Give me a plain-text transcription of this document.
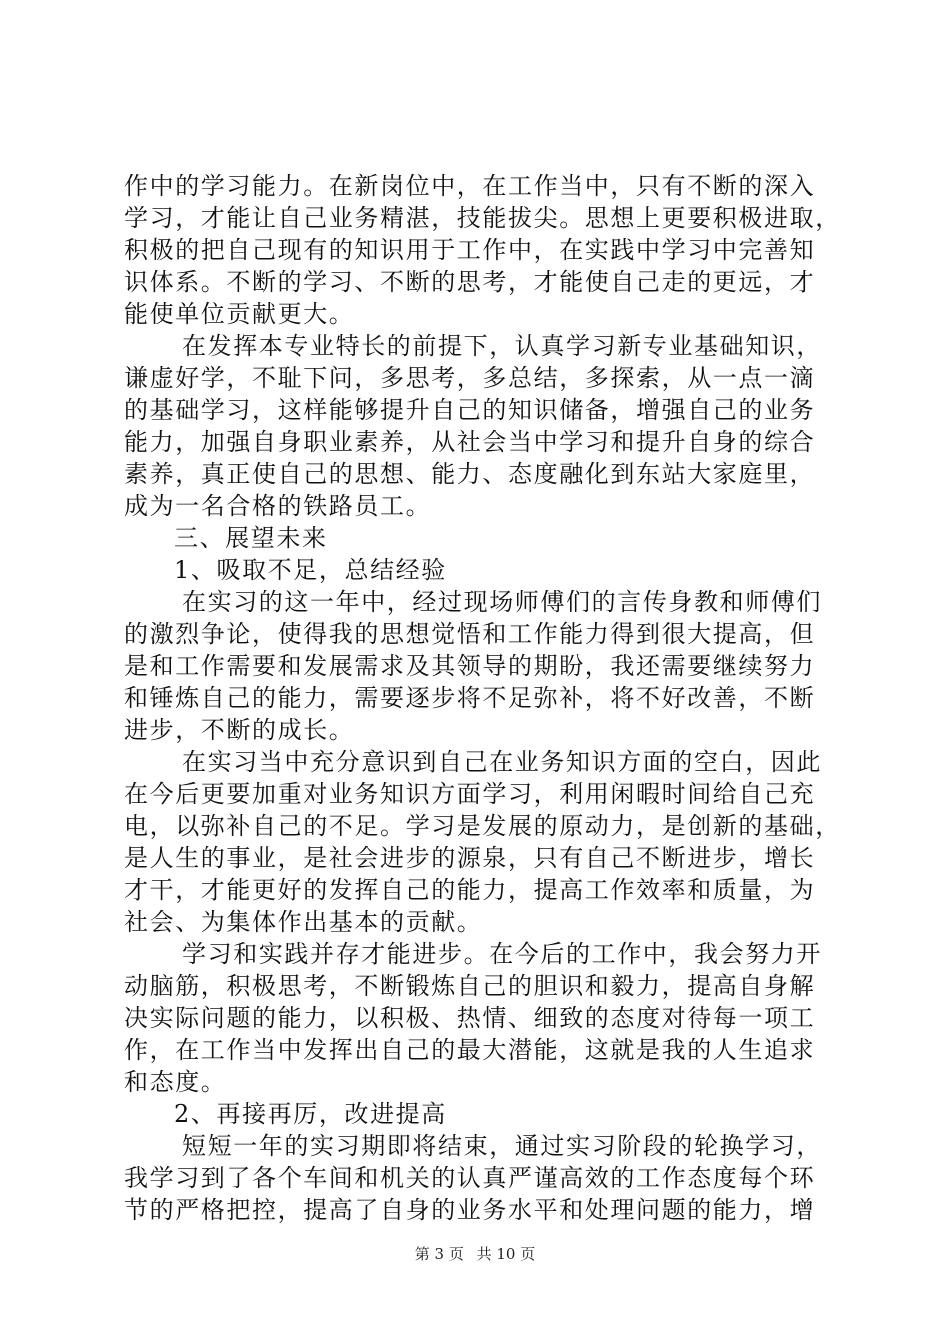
作中的学习能力。在新岗位中，在工作当中，只有不断的深入
学习，才能让自己业务精湛，技能拔尖。思想上更要积极进取，
积极的把自己现有的知识用于工作中，在实践中学习中完善知
识体系。不断的学习、不断的思考，才能使自己走的更远，才
能使单位贡献更大。
在发挥本专业特长的前提下，认真学习新专业基础知识，
谦虚好学，不耻下问，多思考，多总结，多探索，从一点一滴
的基础学习，这样能够提升自己的知识储备，增强自己的业务
能力，加强自身职业素养，从社会当中学习和提升自身的综合
素养，真正使自己的思想、能力、态度融化到东站大家庭里，
成为一名合格的铁路员工。
三、展望未来
1、吸取不足，总结经验
在实习的这一年中，经过现场师傅们的言传身教和师傅们
的激烈争论，使得我的思想觉悟和工作能力得到很大提高，但
是和工作需要和发展需求及其领导的期盼，我还需要继续努力
和锤炼自己的能力，需要逐步将不足弥补，将不好改善，不断
进步，不断的成长。
在实习当中充分意识到自己在业务知识方面的空白，因此
在今后更要加重对业务知识方面学习，利用闲暇时间给自己充
电，以弥补自己的不足。学习是发展的原动力，是创新的基础，
是人生的事业，是社会进步的源泉，只有自己不断进步，增长
才干，才能更好的发挥自己的能力，提高工作效率和质量，为
社会、为集体作出基本的贡献。
学习和实践并存才能进步。在今后的工作中，我会努力开
动脑筋，积极思考，不断锻炼自己的胆识和毅力，提高自身解
决实际问题的能力，以积极、热情、细致的态度对待每一项工
作，在工作当中发挥出自己的最大潜能，这就是我的人生追求
和态度。
2、再接再厉，改进提高
短短一年的实习期即将结束，通过实习阶段的轮换学习，
我学习到了各个车间和机关的认真严谨高效的工作态度每个环
节的严格把控，提高了自身的业务水平和处理问题的能力，增
第 3 页 共 10 页
